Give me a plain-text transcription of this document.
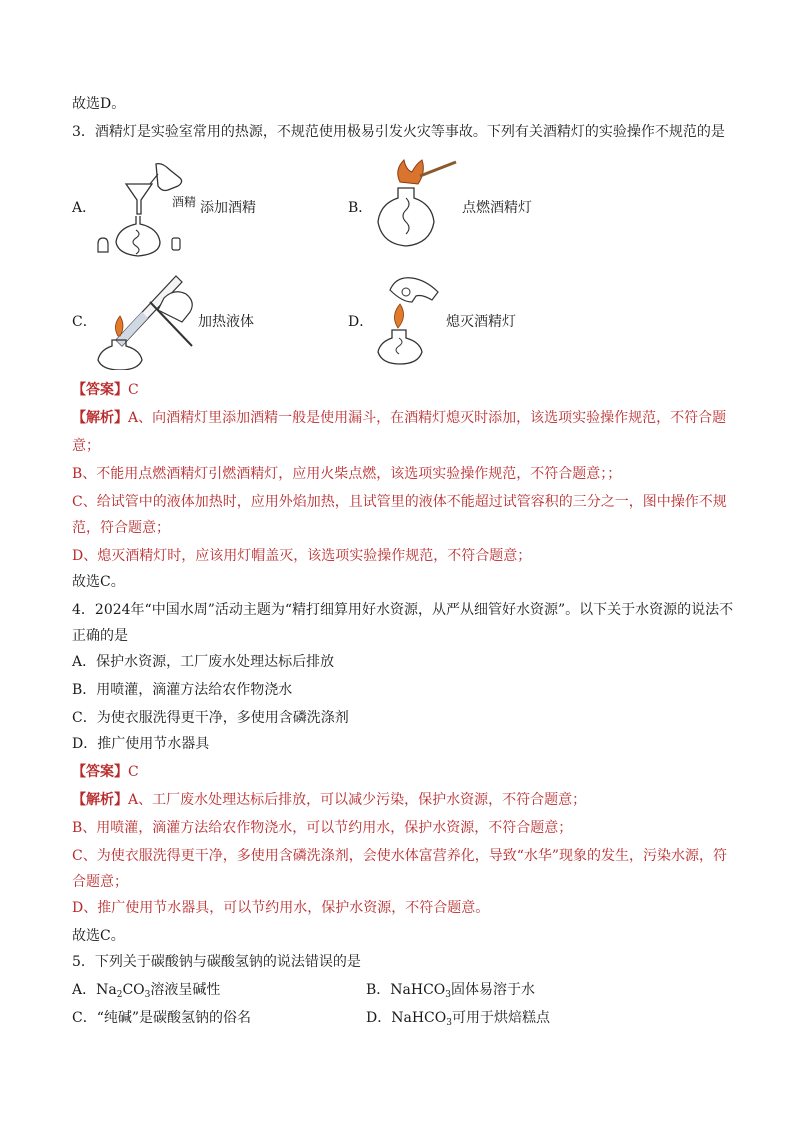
故选D。
3．酒精灯是实验室常用的热源，不规范使用极易引发火灾等事故。下列有关酒精灯的实验操作不规范的是
A．	酒精 添加酒精	B．	点燃酒精灯
C．	加热液体	D．	熄灭酒精灯
【答案】C
【解析】A、向酒精灯里添加酒精一般是使用漏斗，在酒精灯熄灭时添加，该选项实验操作规范，不符合题
意；
B、不能用点燃酒精灯引燃酒精灯，应用火柴点燃，该选项实验操作规范，不符合题意；；
C、给试管中的液体加热时，应用外焰加热，且试管里的液体不能超过试管容积的三分之一，图中操作不规
范，符合题意；
D、熄灭酒精灯时，应该用灯帽盖灭，该选项实验操作规范，不符合题意；
故选C。
4．2024年“中国水周”活动主题为“精打细算用好水资源，从严从细管好水资源”。以下关于水资源的说法不
正确的是
A．保护水资源，工厂废水处理达标后排放
B．用喷灌，滴灌方法给农作物浇水
C．为使衣服洗得更干净，多使用含磷洗涤剂
D．推广使用节水器具
【答案】C
【解析】A、工厂废水处理达标后排放，可以减少污染，保护水资源，不符合题意；
B、用喷灌，滴灌方法给农作物浇水，可以节约用水，保护水资源，不符合题意；
C、为使衣服洗得更干净，多使用含磷洗涤剂，会使水体富营养化，导致“水华”现象的发生，污染水源，符
合题意；
D、推广使用节水器具，可以节约用水，保护水资源，不符合题意。
故选C。
5．下列关于碳酸钠与碳酸氢钠的说法错误的是
A．$Na_2CO_3$溶液呈碱性	B．NaHCO$_3$固体易溶于水
C．“纯碱”是碳酸氢钠的俗名	D．NaHCO$_3$可用于烘焙糕点
